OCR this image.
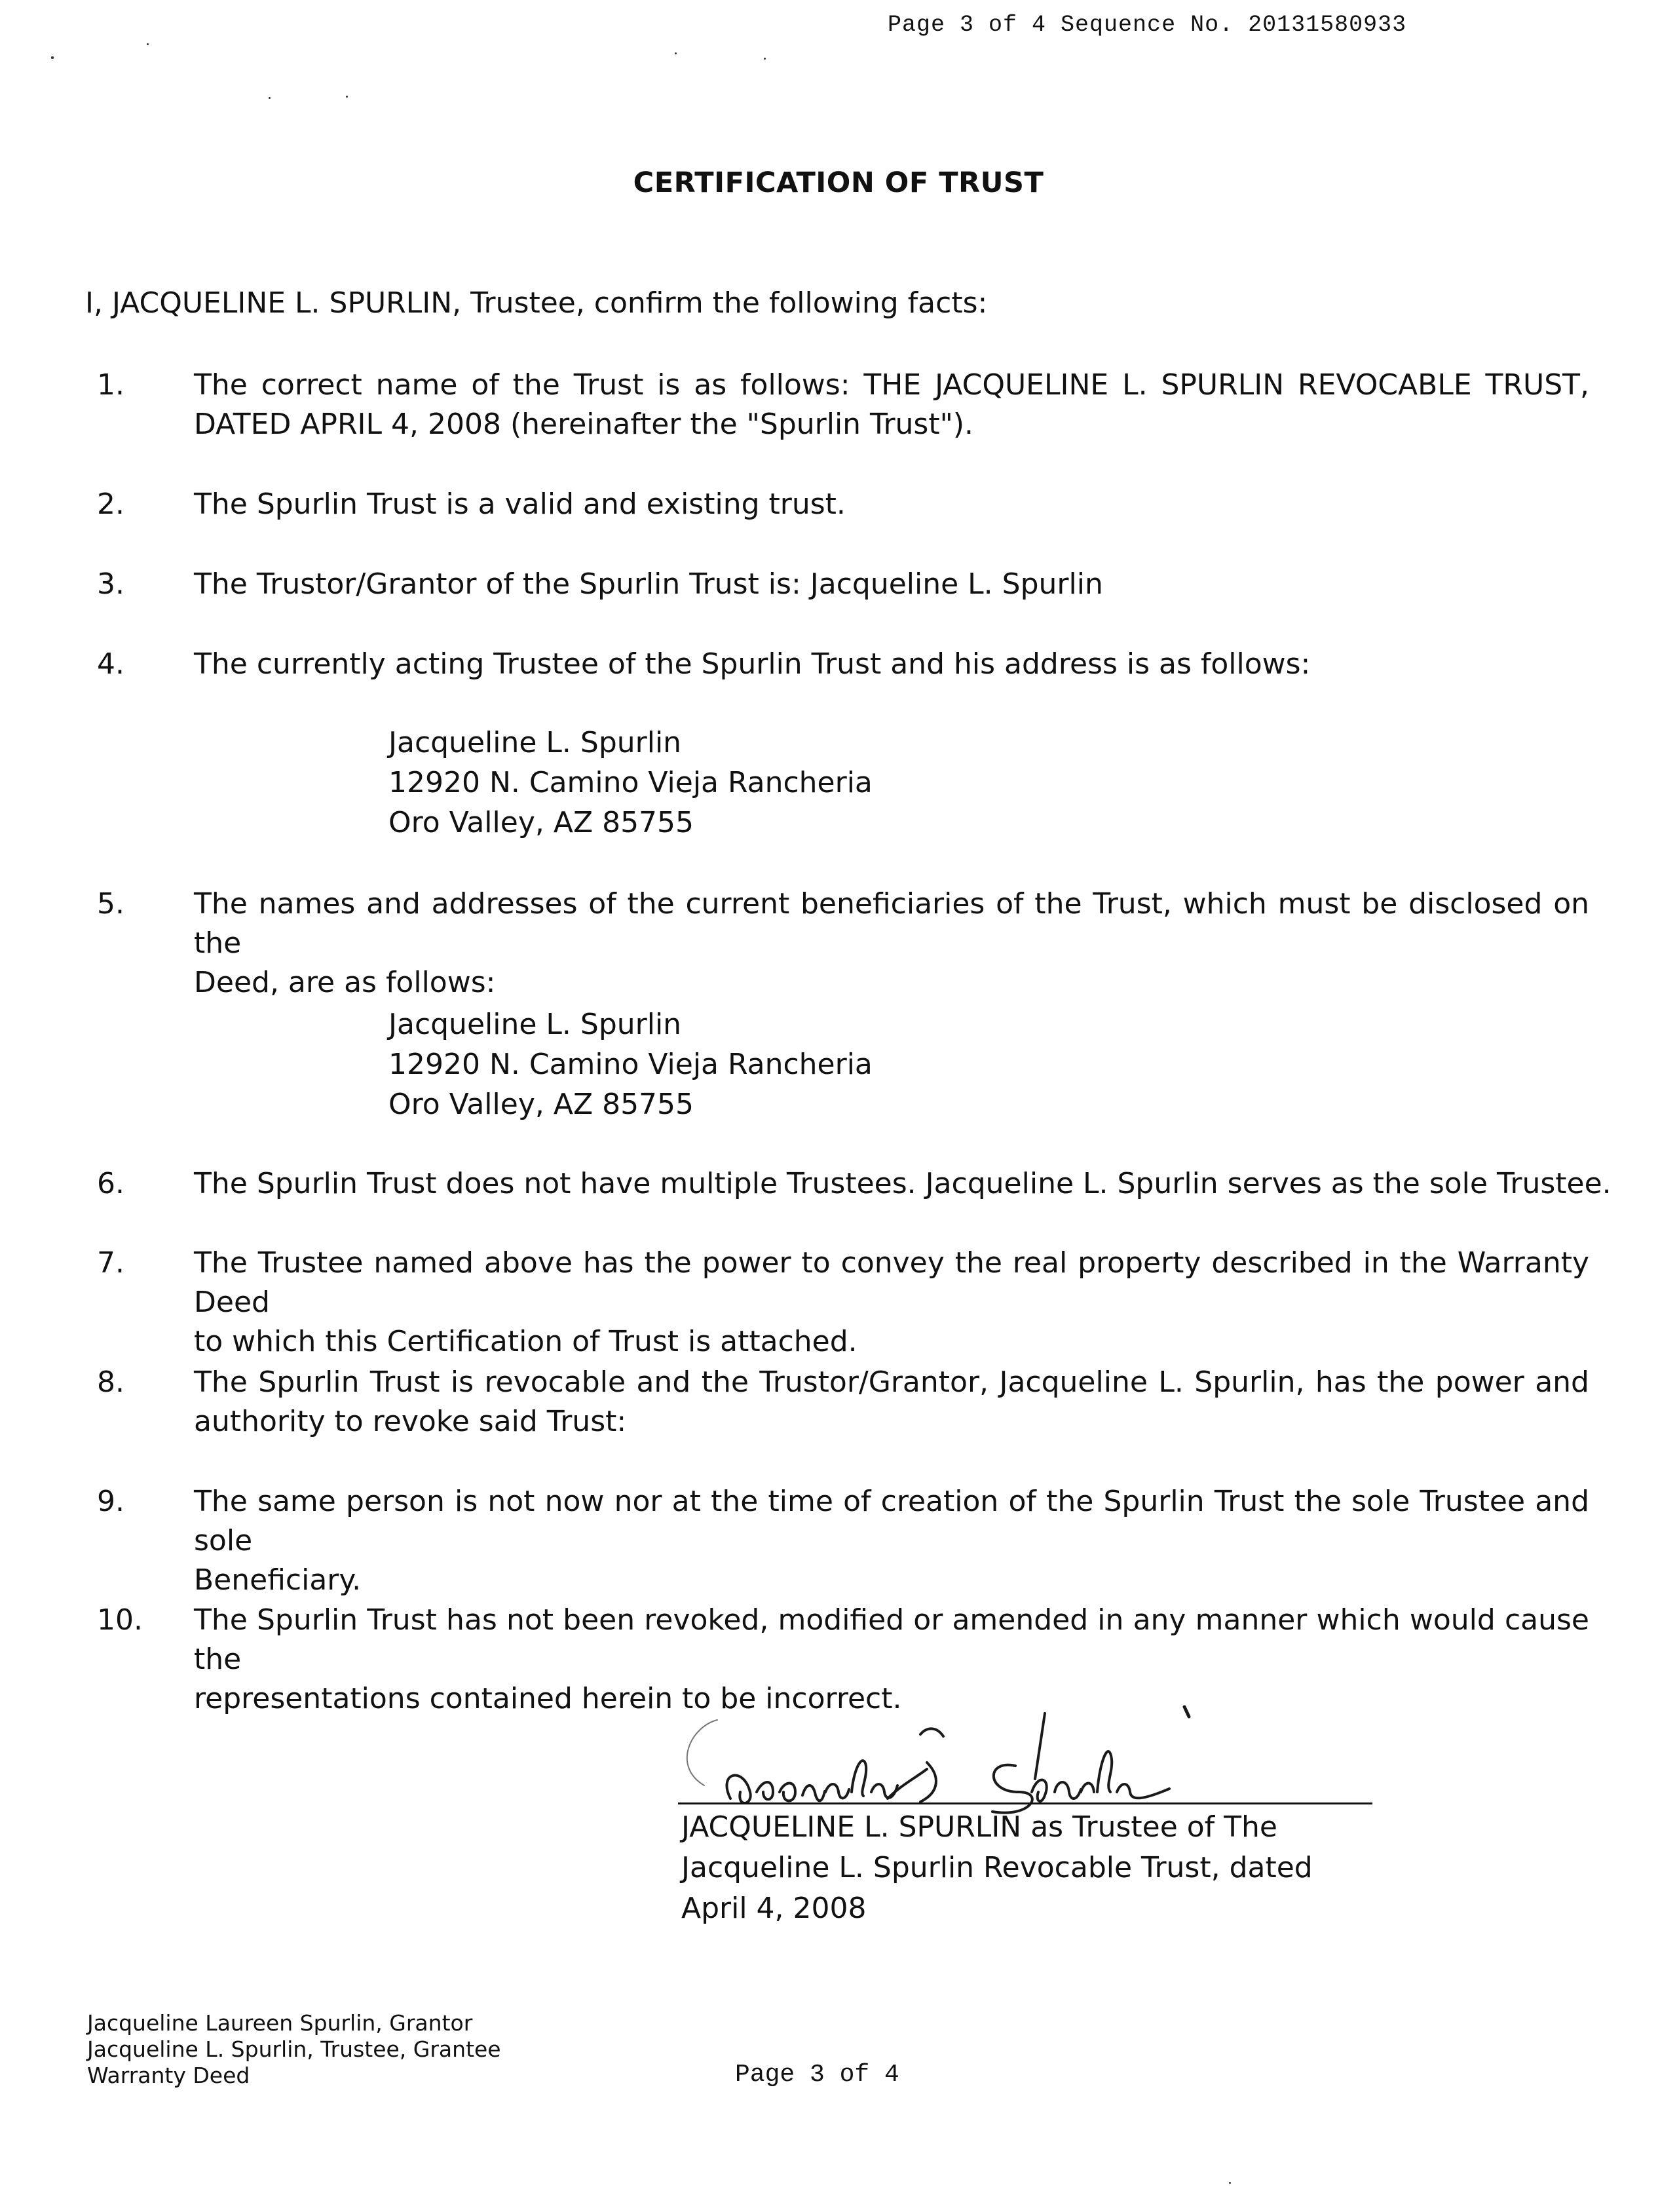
Page 3 of 4 Sequence No. 20131580933
CERTIFICATION OF TRUST
I, JACQUELINE L. SPURLIN, Trustee, confirm the following facts:
1. The correct name of the Trust is as follows: THE JACQUELINE L. SPURLIN REVOCABLE TRUST,
DATED APRIL 4, 2008 (hereinafter the "Spurlin Trust").
2. The Spurlin Trust is a valid and existing trust.
3. The Trustor/Grantor of the Spurlin Trust is: Jacqueline L. Spurlin
4. The currently acting Trustee of the Spurlin Trust and his address is as follows:
Jacqueline L. Spurlin
12920 N. Camino Vieja Rancheria
Oro Valley, AZ 85755
5. The names and addresses of the current beneficiaries of the Trust, which must be disclosed on the
Deed, are as follows:
Jacqueline L. Spurlin
12920 N. Camino Vieja Rancheria
Oro Valley, AZ 85755
6. The Spurlin Trust does not have multiple Trustees. Jacqueline L. Spurlin serves as the sole Trustee.
7. The Trustee named above has the power to convey the real property described in the Warranty Deed
to which this Certification of Trust is attached.
8. The Spurlin Trust is revocable and the Trustor/Grantor, Jacqueline L. Spurlin, has the power and
authority to revoke said Trust:
9. The same person is not now nor at the time of creation of the Spurlin Trust the sole Trustee and sole
Beneficiary.
10. The Spurlin Trust has not been revoked, modified or amended in any manner which would cause the
representations contained herein to be incorrect.
JACQUELINE L. SPURLIN as Trustee of The
Jacqueline L. Spurlin Revocable Trust, dated
April 4, 2008
Jacqueline Laureen Spurlin, Grantor
Jacqueline L. Spurlin, Trustee, Grantee
Warranty Deed	Page 3 of 4
